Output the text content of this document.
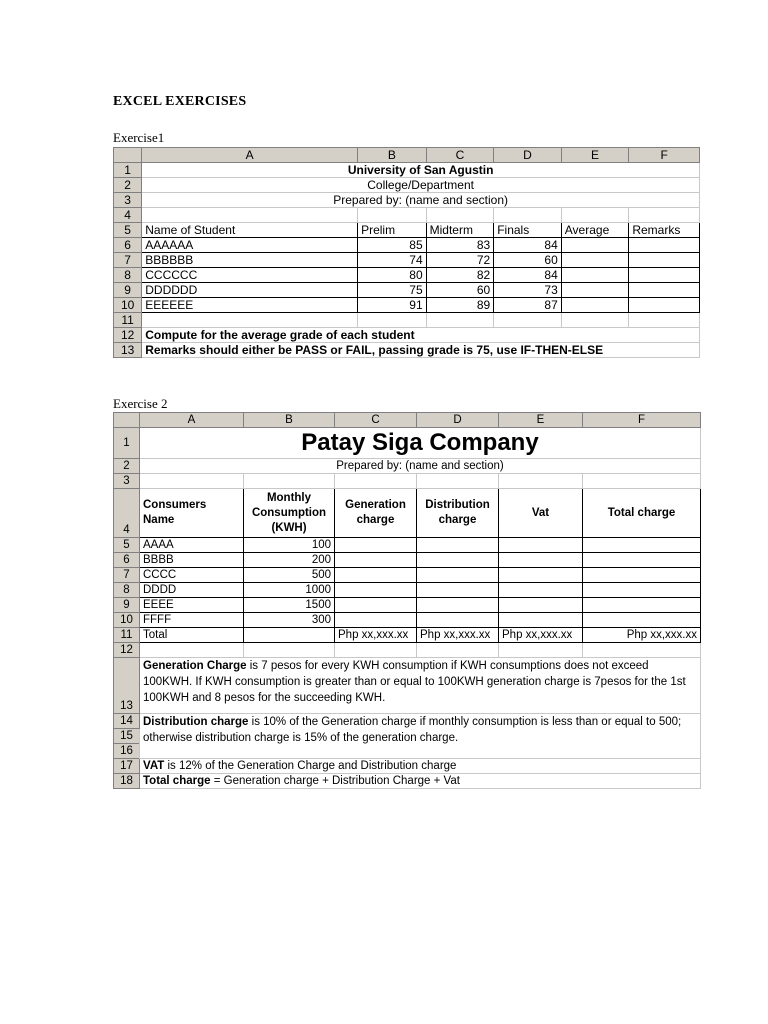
EXCEL EXERCISES
Exercise1
	A	B	C	D	E	F
1	University of San Agustin					
2	College/Department					
3	Prepared by: (name and section)					
4						
5	Name of Student	Prelim	Midterm	Finals	Average	Remarks
6	AAAAAA	85	83	84		
7	BBBBBB	74	72	60		
8	CCCCCC	80	82	84		
9	DDDDDD	75	60	73		
10	EEEEEE	91	89	87		
11						
12	Compute for the average grade of each student					
13	Remarks should either be PASS or FAIL, passing grade is 75, use IF-THEN-ELSE					
Exercise 2
	A	B	C	D	E	F
1	Patay Siga Company					
2	Prepared by: (name and section)					
3						
4	Consumers Name	Monthly Consumption (KWH)	Generation charge	Distribution charge	Vat	Total charge
5	AAAA	100				
6	BBBB	200				
7	CCCC	500				
8	DDDD	1000				
9	EEEE	1500				
10	FFFF	300				
11	Total		Php xx,xxx.xx	Php xx,xxx.xx	Php xx,xxx.xx	Php xx,xxx.xx
12						
13	Generation Charge is 7 pesos for every KWH consumption if KWH consumptions does not exceed 100KWH. If KWH consumption is greater than or equal to 100KWH generation charge is 7pesos for the 1st 100KWH and 8 pesos for the succeeding KWH.					
14	Distribution charge is 10% of the Generation charge if monthly consumption is less than or equal to 500; otherwise distribution charge is 15% of the generation charge.					
15						
16						
17	VAT is 12% of the Generation Charge and Distribution charge					
18	Total charge = Generation charge + Distribution Charge + Vat					
